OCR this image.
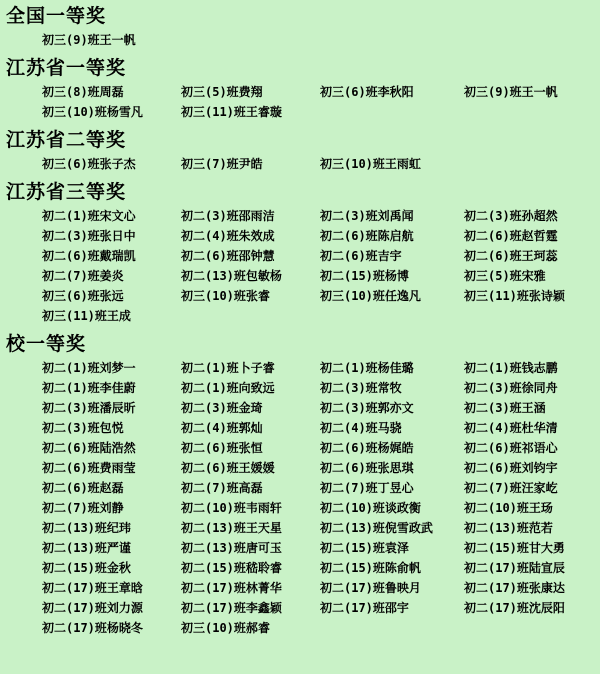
全国一等奖
初三(9)班王一帆
江苏省一等奖
初三(8)班周磊	初三(5)班费翔	初三(6)班李秋阳	初三(9)班王一帆
初三(10)班杨雪凡	初三(11)班王睿璇
江苏省二等奖
初三(6)班张子杰	初三(7)班尹皓	初三(10)班王雨虹
江苏省三等奖
初二(1)班宋文心	初二(3)班邵雨洁	初二(3)班刘禹闻	初二(3)班孙超然
初二(3)班张日中	初二(4)班朱效成	初二(6)班陈启航	初二(6)班赵哲霆
初二(6)班戴瑞凯	初二(6)班邵钟慧	初二(6)班吉宇	初二(6)班王珂蕊
初二(7)班姜炎	初二(13)班包敏杨	初二(15)班杨博	初三(5)班宋雅
初三(6)班张远	初三(10)班张睿	初三(10)班任逸凡	初三(11)班张诗颖
初三(11)班王成
校一等奖
初二(1)班刘梦一	初二(1)班卜子睿	初二(1)班杨佳璐	初二(1)班钱志鹏
初二(1)班李佳蔚	初二(1)班向致远	初二(3)班常牧	初二(3)班徐同舟
初二(3)班潘辰昕	初二(3)班金琦	初二(3)班郭亦文	初二(3)班王涵
初二(3)班包悦	初二(4)班郭灿	初二(4)班马骁	初二(4)班杜华清
初二(6)班陆浩然	初二(6)班张恒	初二(6)班杨娓皓	初二(6)班祁语心
初二(6)班费雨莹	初二(6)班王媛媛	初二(6)班张思琪	初二(6)班刘钧宇
初二(6)班赵磊	初二(7)班高磊	初二(7)班丁昱心	初二(7)班汪家屹
初二(7)班刘静	初二(10)班韦雨轩	初二(10)班谈政衡	初二(10)班王玚
初二(13)班纪玮	初二(13)班王天星	初二(13)班倪雪政武	初二(13)班范若
初二(13)班严谨	初二(13)班唐可玉	初二(15)班袁泽	初二(15)班甘大勇
初二(15)班金秋	初二(15)班嵇聆睿	初二(15)班陈俞帆	初二(17)班陆宣辰
初二(17)班王章晗	初二(17)班林菁华	初二(17)班鲁映月	初二(17)班张康达
初二(17)班刘力源	初二(17)班李鑫颖	初二(17)班邵宇	初二(17)班沈辰阳
初二(17)班杨晓冬	初三(10)班郝睿
